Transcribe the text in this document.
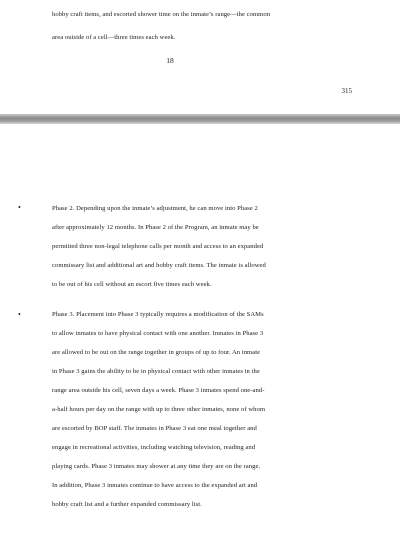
hobby craft items, and escorted shower time on the inmate’s range—the common
area outside of a cell—three times each week.
18
315
•	Phase 2. Depending upon the inmate’s adjustment, he can move into Phase 2
after approximately 12 months. In Phase 2 of the Program, an inmate may be
permitted three non-legal telephone calls per month and access to an expanded
commissary list and additional art and hobby craft items. The inmate is allowed
to be out of his cell without an escort five times each week.
•	Phase 3. Placement into Phase 3 typically requires a modification of the SAMs
to allow inmates to have physical contact with one another. Inmates in Phase 3
are allowed to be out on the range together in groups of up to four. An inmate
in Phase 3 gains the ability to be in physical contact with other inmates in the
range area outside his cell, seven days a week. Phase 3 inmates spend one-and-
a-half hours per day on the range with up to three other inmates, none of whom
are escorted by BOP staff. The inmates in Phase 3 eat one meal together and
engage in recreational activities, including watching television, reading and
playing cards. Phase 3 inmates may shower at any time they are on the range.
In addition, Phase 3 inmates continue to have access to the expanded art and
hobby craft list and a further expanded commissary list.
